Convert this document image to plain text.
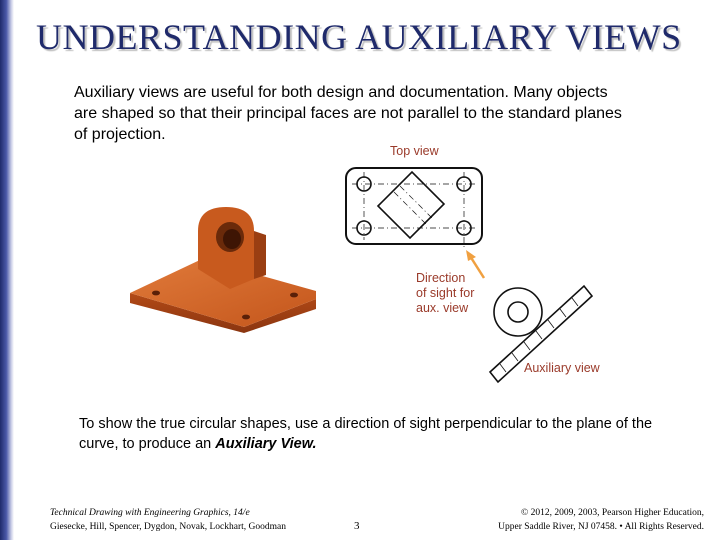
UNDERSTANDING AUXILIARY VIEWS

Auxiliary views are useful for both design and documentation. Many objects are shaped so that their principal faces are not parallel to the standard planes of projection.

Top view
Direction of sight for aux. view
Auxiliary view

To show the true circular shapes, use a direction of sight perpendicular to the plane of the curve, to produce an Auxiliary View.

Technical Drawing with Engineering Graphics, 14/e
Giesecke, Hill, Spencer, Dygdon, Novak, Lockhart, Goodman	3
© 2012, 2009, 2003, Pearson Higher Education,
Upper Saddle River, NJ 07458. • All Rights Reserved.
